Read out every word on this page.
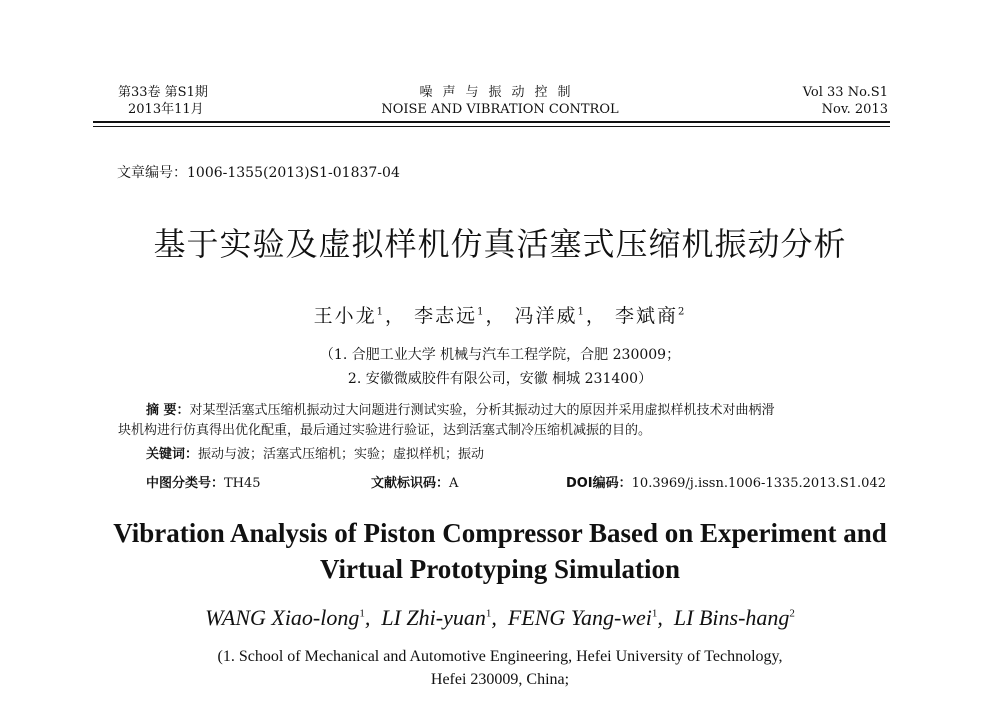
第33卷 第S1期
2013年11月
噪声与振动控制
NOISE AND VIBRATION CONTROL
Vol 33 No.S1
Nov. 2013
文章编号：1006-1355(2013)S1-01837-04
基于实验及虚拟样机仿真活塞式压缩机振动分析
王小龙$^1$， 李志远$^1$， 冯洋威$^1$， 李斌商$^2$
（1. 合肥工业大学 机械与汽车工程学院，合肥 230009；
2. 安徽微威胶件有限公司，安徽 桐城 231400）
摘 要：对某型活塞式压缩机振动过大问题进行测试实验，分析其振动过大的原因并采用虚拟样机技术对曲柄滑
块机构进行仿真得出优化配重，最后通过实验进行验证，达到活塞式制冷压缩机减振的目的。
关键词：振动与波；活塞式压缩机；实验；虚拟样机；振动
中图分类号：TH45	文献标识码：A	DOI编码：10.3969/j.issn.1006-1335.2013.S1.042
Vibration Analysis of Piston Compressor Based on Experiment and
Virtual Prototyping Simulation
WANG Xiao-long$^1$,  LI Zhi-yuan$^1$,  FENG Yang-wei$^1$,  LI Bins-hang$^2$
(1. School of Mechanical and Automotive Engineering, Hefei University of Technology,
Hefei 230009, China;
